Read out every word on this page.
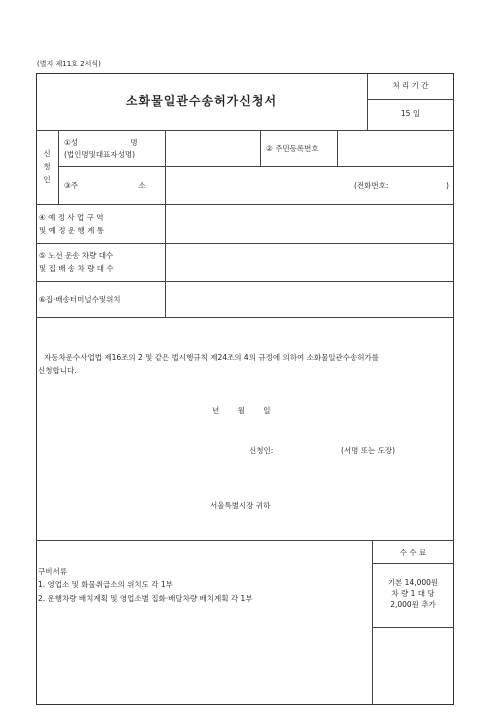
(별지 제11호 2서식)
소화물일관수송허가신청서
처 리 기 간
15 일
신
청
인
①성 명
(법인명및대표자성명)
② 주민등록번호
③주 소	(전화번호:	)
④ 예 정 사 업 구 역
및 예 정 운 행 계 통
⑤ 노선 운송 차량 대수
및 집 배 송 차 량 대 수
⑥집·배송터미널수및위치
자동차운수사업법 제16조의 2 및 같은 법시행규칙 제24조의 4의 규정에 의하여 소화물일관수송허가를
신청합니다.
년 월 일
신청인:	(서명 또는 도장)
서울특별시장 귀하
구비서류
1. 영업소 및 화물취급소의 위치도 각 1부
2. 운행차량 배치계획 및 영업소별 집화·배달차량 배치계획 각 1부
수 수 료
기본 14,000원
차 량 1 대 당
2,000원 추가
